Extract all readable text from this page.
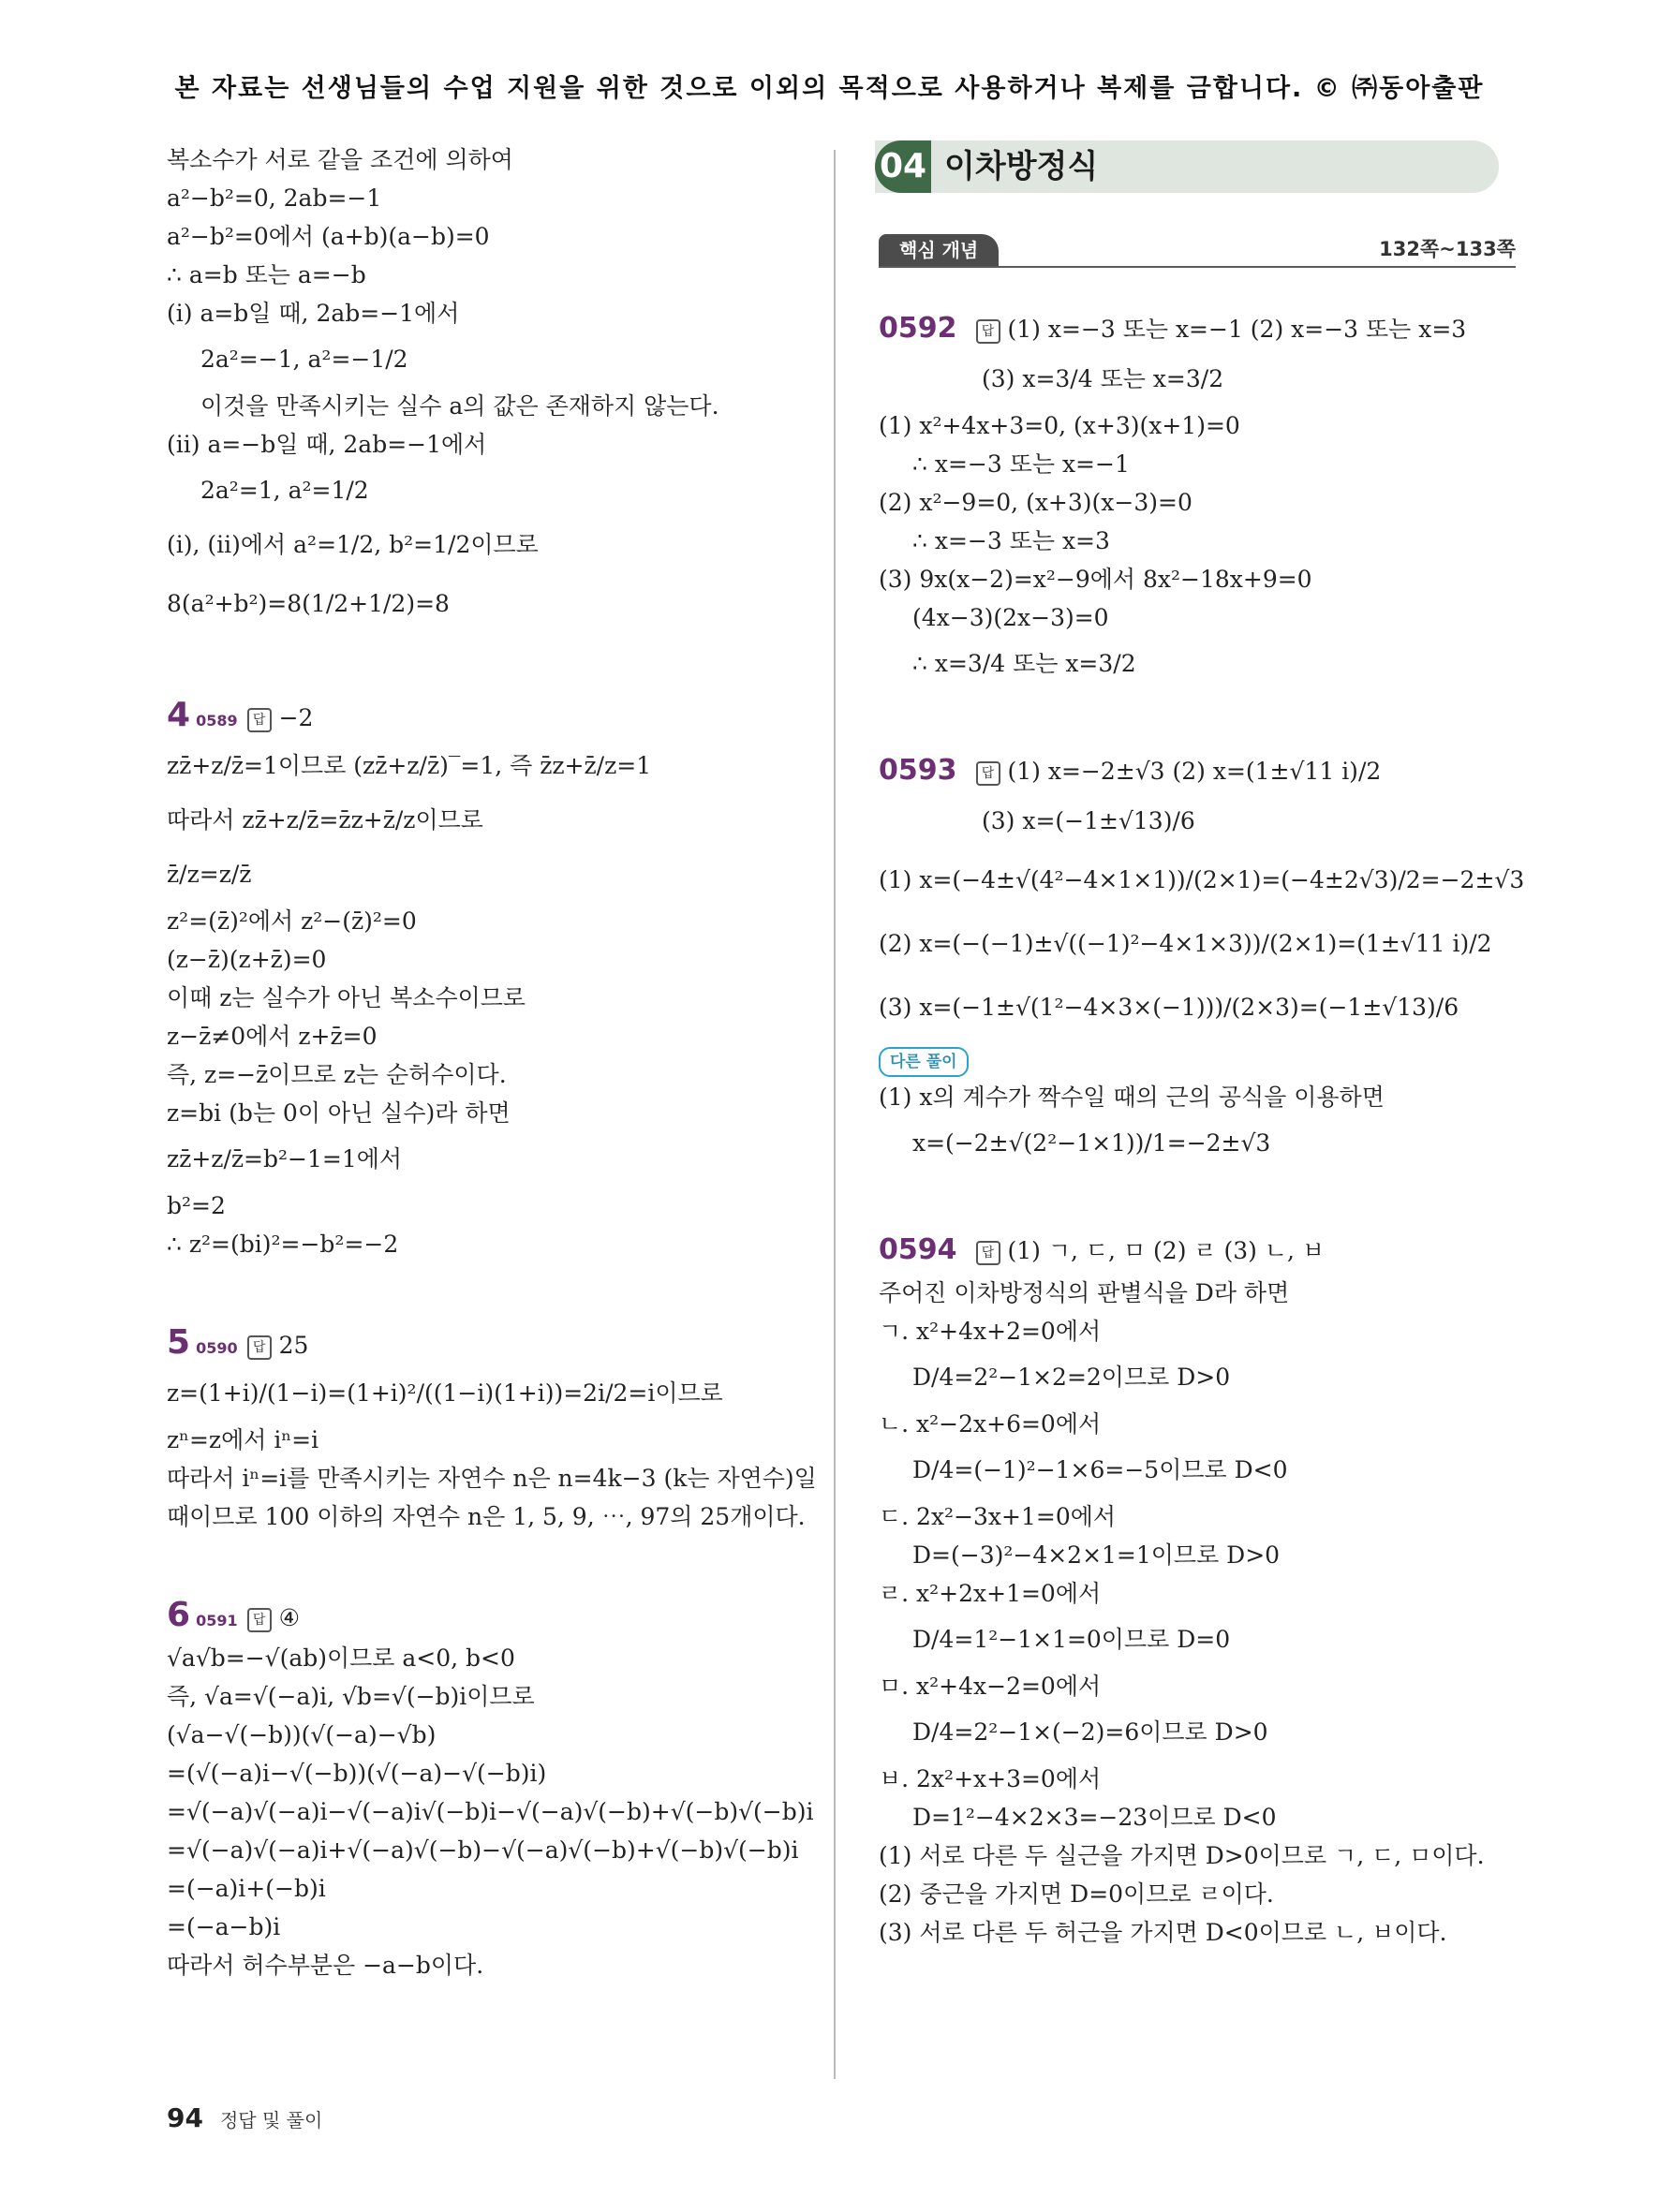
본 자료는 선생님들의 수업 지원을 위한 것으로 이외의 목적으로 사용하거나 복제를 금합니다. © ㈜동아출판
복소수가 서로 같을 조건에 의하여
a²−b²=0, 2ab=−1
a²−b²=0에서 (a+b)(a−b)=0
∴ a=b 또는 a=−b
(i) a=b일 때, 2ab=−1에서
2a²=−1, a²=−1/2
이것을 만족시키는 실수 a의 값은 존재하지 않는다.
(ii) a=−b일 때, 2ab=−1에서
2a²=1, a²=1/2
(i), (ii)에서 a²=1/2, b²=1/2이므로
8(a²+b²)=8(1/2+1/2)=8
4 0589 답 −2
zz̄+z/z̄=1이므로 (zz̄+z/z̄)‾=1, 즉 z̄z+z̄/z=1
따라서 zz̄+z/z̄=z̄z+z̄/z이므로
z̄/z=z/z̄
z²=(z̄)²에서 z²−(z̄)²=0
(z−z̄)(z+z̄)=0
이때 z는 실수가 아닌 복소수이므로
z−z̄≠0에서 z+z̄=0
즉, z=−z̄이므로 z는 순허수이다.
z=bi (b는 0이 아닌 실수)라 하면
zz̄+z/z̄=b²−1=1에서
b²=2
∴ z²=(bi)²=−b²=−2
5 0590 답 25
z=(1+i)/(1−i)=(1+i)²/((1−i)(1+i))=2i/2=i이므로
zⁿ=z에서 iⁿ=i
따라서 iⁿ=i를 만족시키는 자연수 n은 n=4k−3 (k는 자연수)일
때이므로 100 이하의 자연수 n은 1, 5, 9, ⋯, 97의 25개이다.
6 0591 답 ④
√a√b=−√(ab)이므로 a<0, b<0
즉, √a=√(−a)i, √b=√(−b)i이므로
(√a−√(−b))(√(−a)−√b)
=(√(−a)i−√(−b))(√(−a)−√(−b)i)
=√(−a)√(−a)i−√(−a)i√(−b)i−√(−a)√(−b)+√(−b)√(−b)i
=√(−a)√(−a)i+√(−a)√(−b)−√(−a)√(−b)+√(−b)√(−b)i
=(−a)i+(−b)i
=(−a−b)i
따라서 허수부분은 −a−b이다.
04 이차방정식
핵심 개념	132쪽~133쪽
0592 답 (1) x=−3 또는 x=−1 (2) x=−3 또는 x=3
(3) x=3/4 또는 x=3/2
(1) x²+4x+3=0, (x+3)(x+1)=0
∴ x=−3 또는 x=−1
(2) x²−9=0, (x+3)(x−3)=0
∴ x=−3 또는 x=3
(3) 9x(x−2)=x²−9에서 8x²−18x+9=0
(4x−3)(2x−3)=0
∴ x=3/4 또는 x=3/2
0593 답 (1) x=−2±√3 (2) x=(1±√11 i)/2
(3) x=(−1±√13)/6
(1) x=(−4±√(4²−4×1×1))/(2×1)=(−4±2√3)/2=−2±√3
(2) x=(−(−1)±√((−1)²−4×1×3))/(2×1)=(1±√11 i)/2
(3) x=(−1±√(1²−4×3×(−1)))/(2×3)=(−1±√13)/6
다른 풀이
(1) x의 계수가 짝수일 때의 근의 공식을 이용하면
x=(−2±√(2²−1×1))/1=−2±√3
0594 답 (1) ㄱ, ㄷ, ㅁ (2) ㄹ (3) ㄴ, ㅂ
주어진 이차방정식의 판별식을 D라 하면
ㄱ. x²+4x+2=0에서
D/4=2²−1×2=2이므로 D>0
ㄴ. x²−2x+6=0에서
D/4=(−1)²−1×6=−5이므로 D<0
ㄷ. 2x²−3x+1=0에서
D=(−3)²−4×2×1=1이므로 D>0
ㄹ. x²+2x+1=0에서
D/4=1²−1×1=0이므로 D=0
ㅁ. x²+4x−2=0에서
D/4=2²−1×(−2)=6이므로 D>0
ㅂ. 2x²+x+3=0에서
D=1²−4×2×3=−23이므로 D<0
(1) 서로 다른 두 실근을 가지면 D>0이므로 ㄱ, ㄷ, ㅁ이다.
(2) 중근을 가지면 D=0이므로 ㄹ이다.
(3) 서로 다른 두 허근을 가지면 D<0이므로 ㄴ, ㅂ이다.
94 정답 및 풀이
